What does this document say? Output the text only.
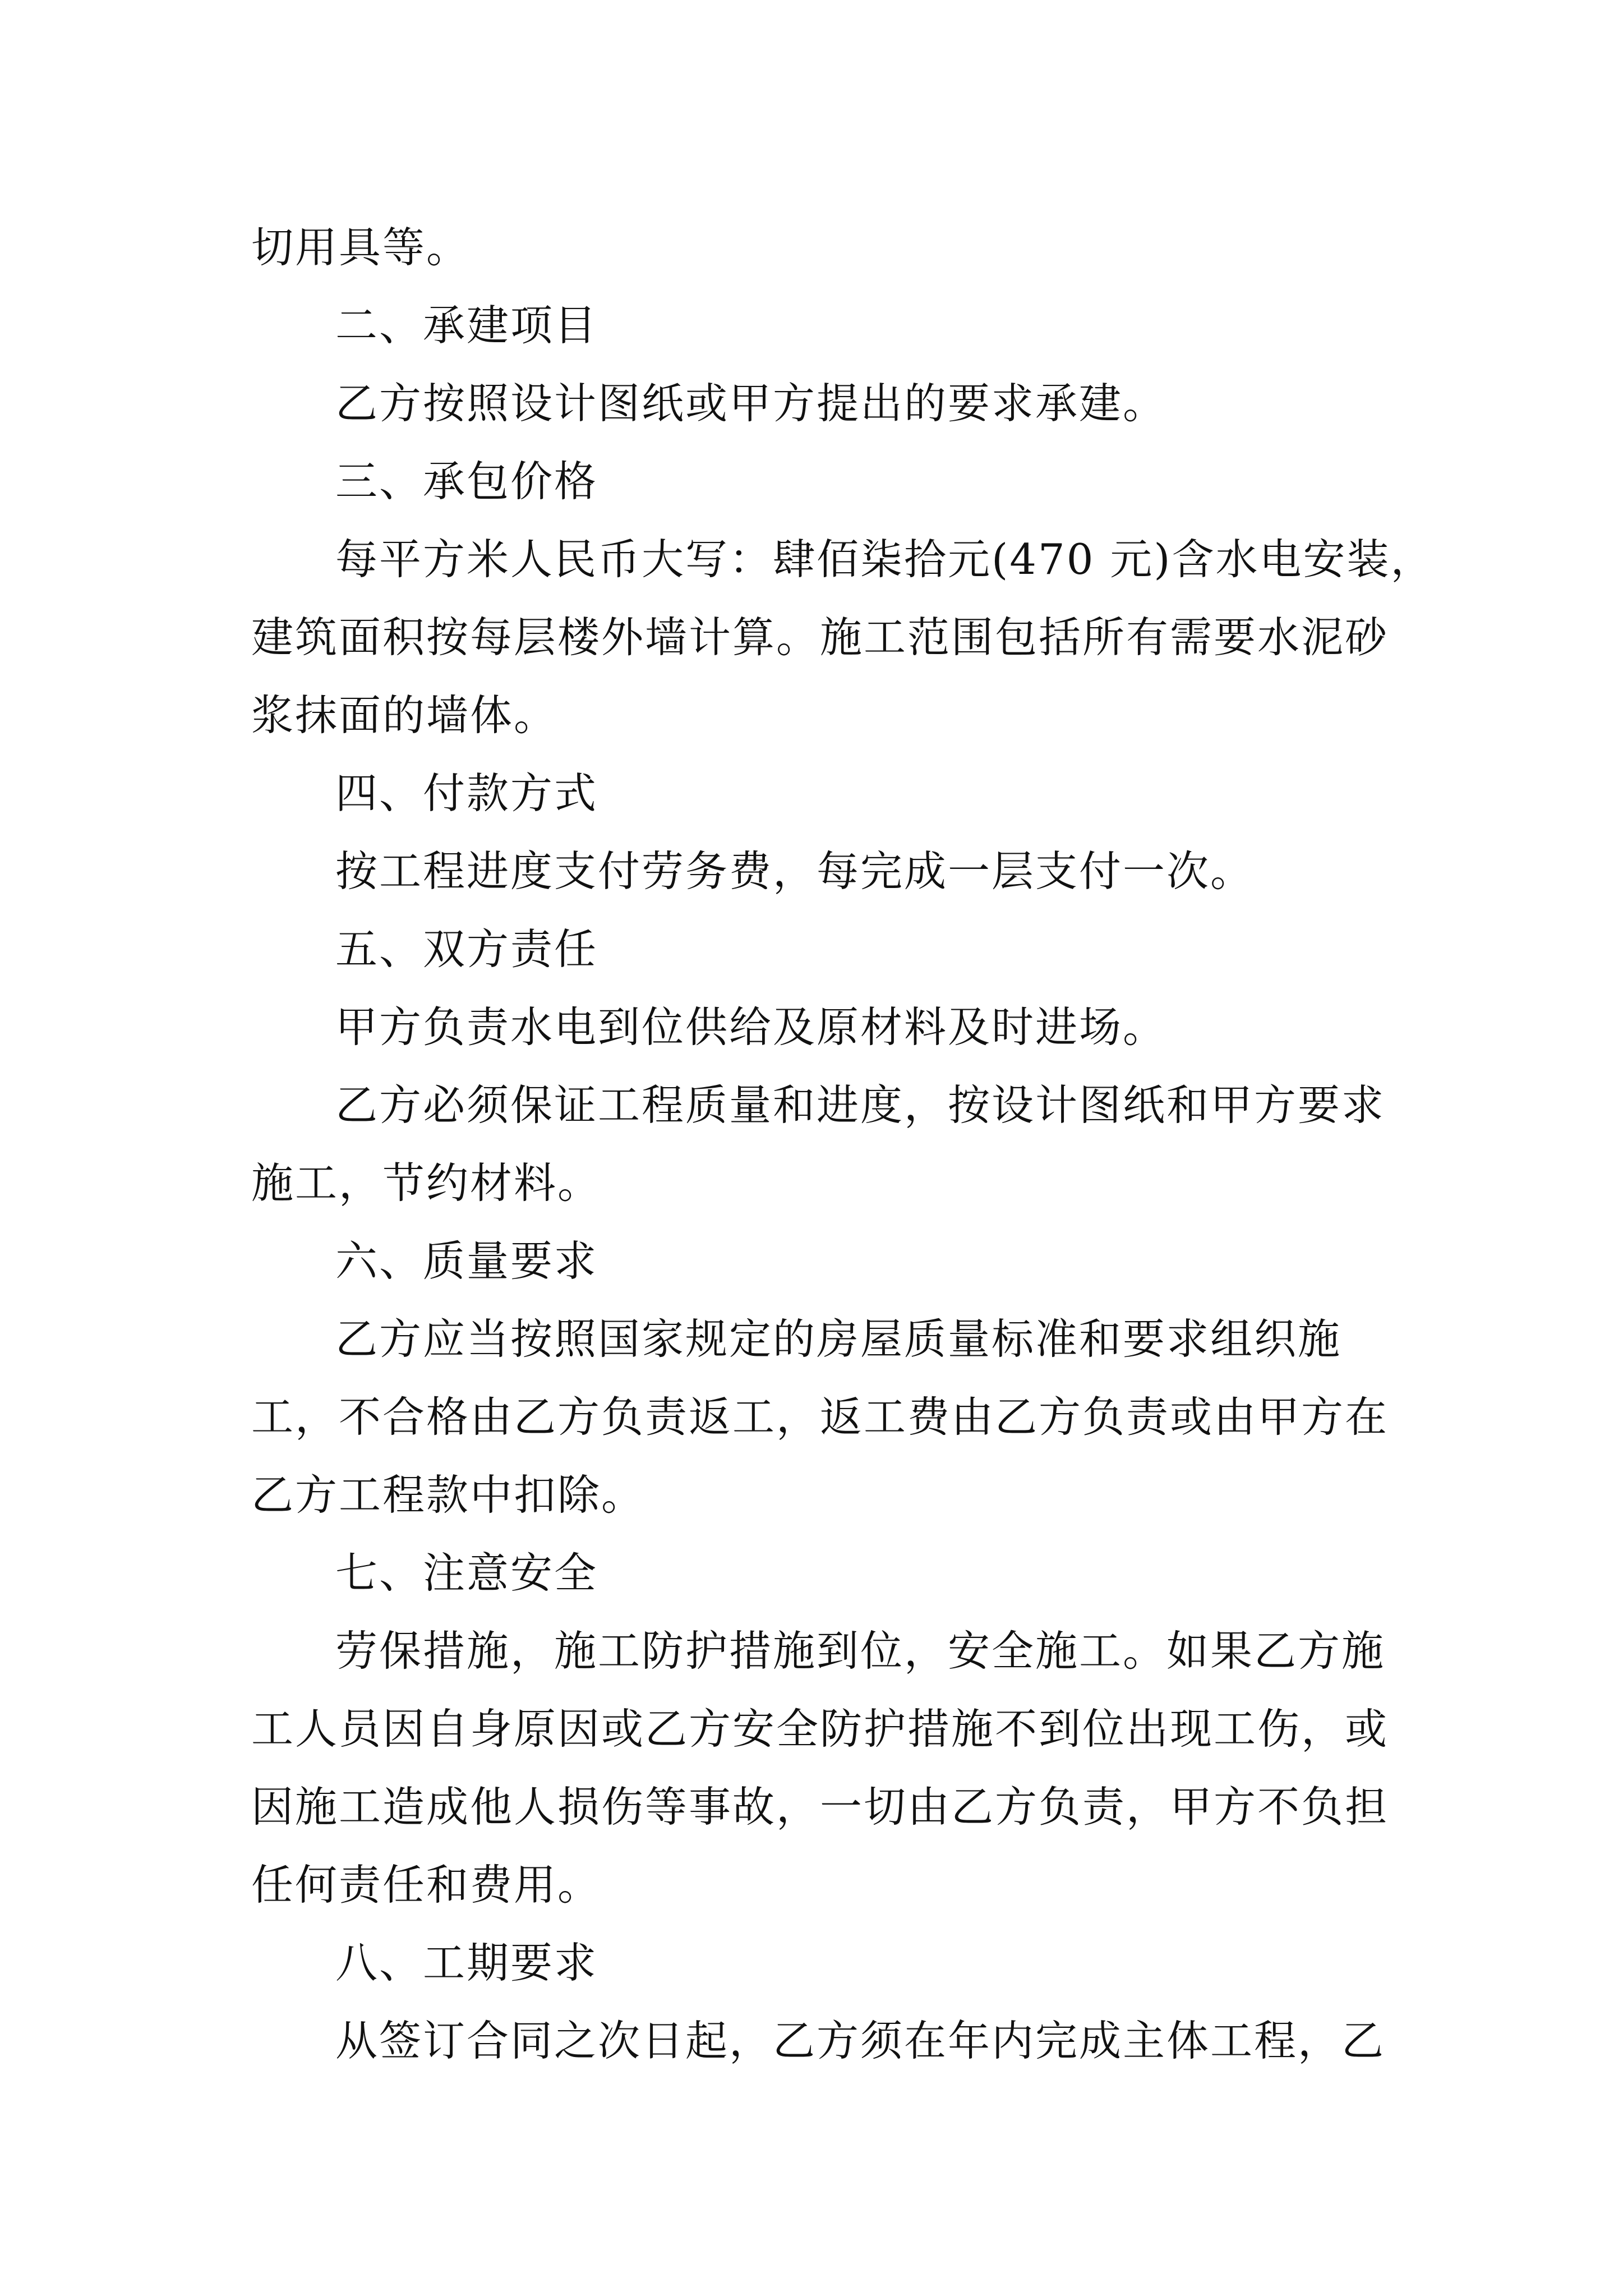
切用具等。
二、承建项目
乙方按照设计图纸或甲方提出的要求承建。
三、承包价格
每平方米人民币大写：肆佰柒拾元(470 元)含水电安装，
建筑面积按每层楼外墙计算。施工范围包括所有需要水泥砂
浆抹面的墙体。
四、付款方式
按工程进度支付劳务费，每完成一层支付一次。
五、双方责任
甲方负责水电到位供给及原材料及时进场。
乙方必须保证工程质量和进度，按设计图纸和甲方要求
施工，节约材料。
六、质量要求
乙方应当按照国家规定的房屋质量标准和要求组织施
工，不合格由乙方负责返工，返工费由乙方负责或由甲方在
乙方工程款中扣除。
七、注意安全
劳保措施，施工防护措施到位，安全施工。如果乙方施
工人员因自身原因或乙方安全防护措施不到位出现工伤，或
因施工造成他人损伤等事故，一切由乙方负责，甲方不负担
任何责任和费用。
八、工期要求
从签订合同之次日起，乙方须在年内完成主体工程，乙
